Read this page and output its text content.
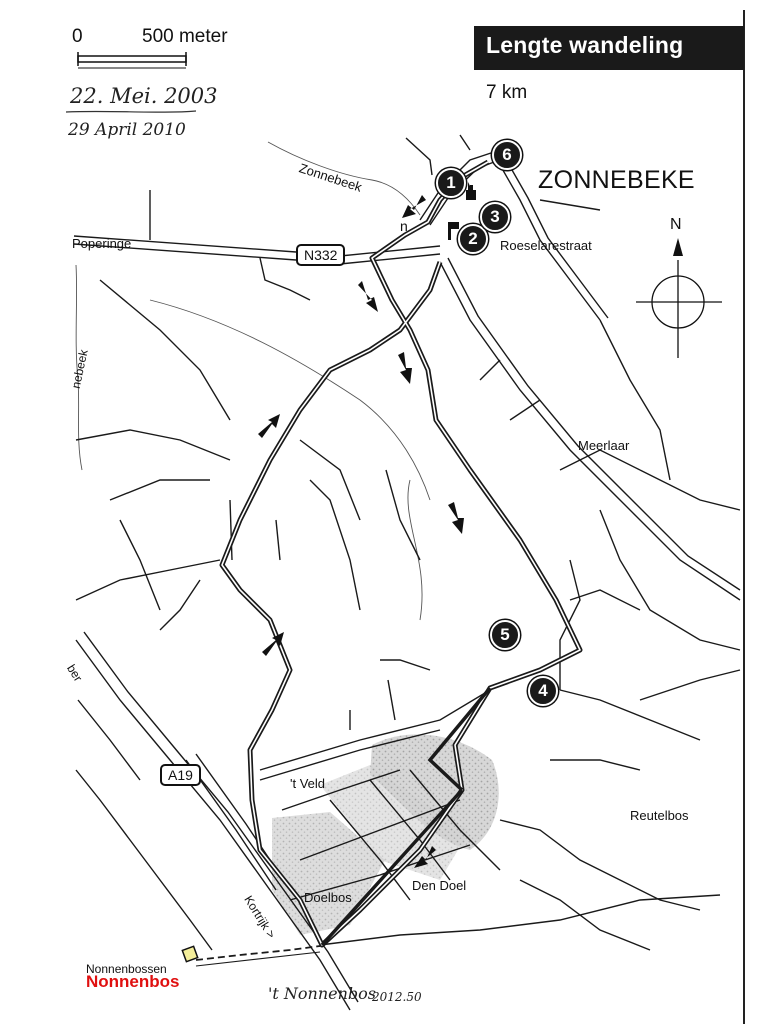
0	500 meter	Lengte wandeling
7 km
22. Mei. 2003
29 April 2010
ZONNEBEKE
N
Zonnebeek
Poperinge	Roeselarestraat
Meerlaar
nebeek
't Veld
Reutelbos
Doelbos
Den Doel
Kortrijk >
ber
Nonnenbossen
Nonnenbos
N332
A19
n
1
2
3
4
5
6
't Nonnenbos
2012.50
